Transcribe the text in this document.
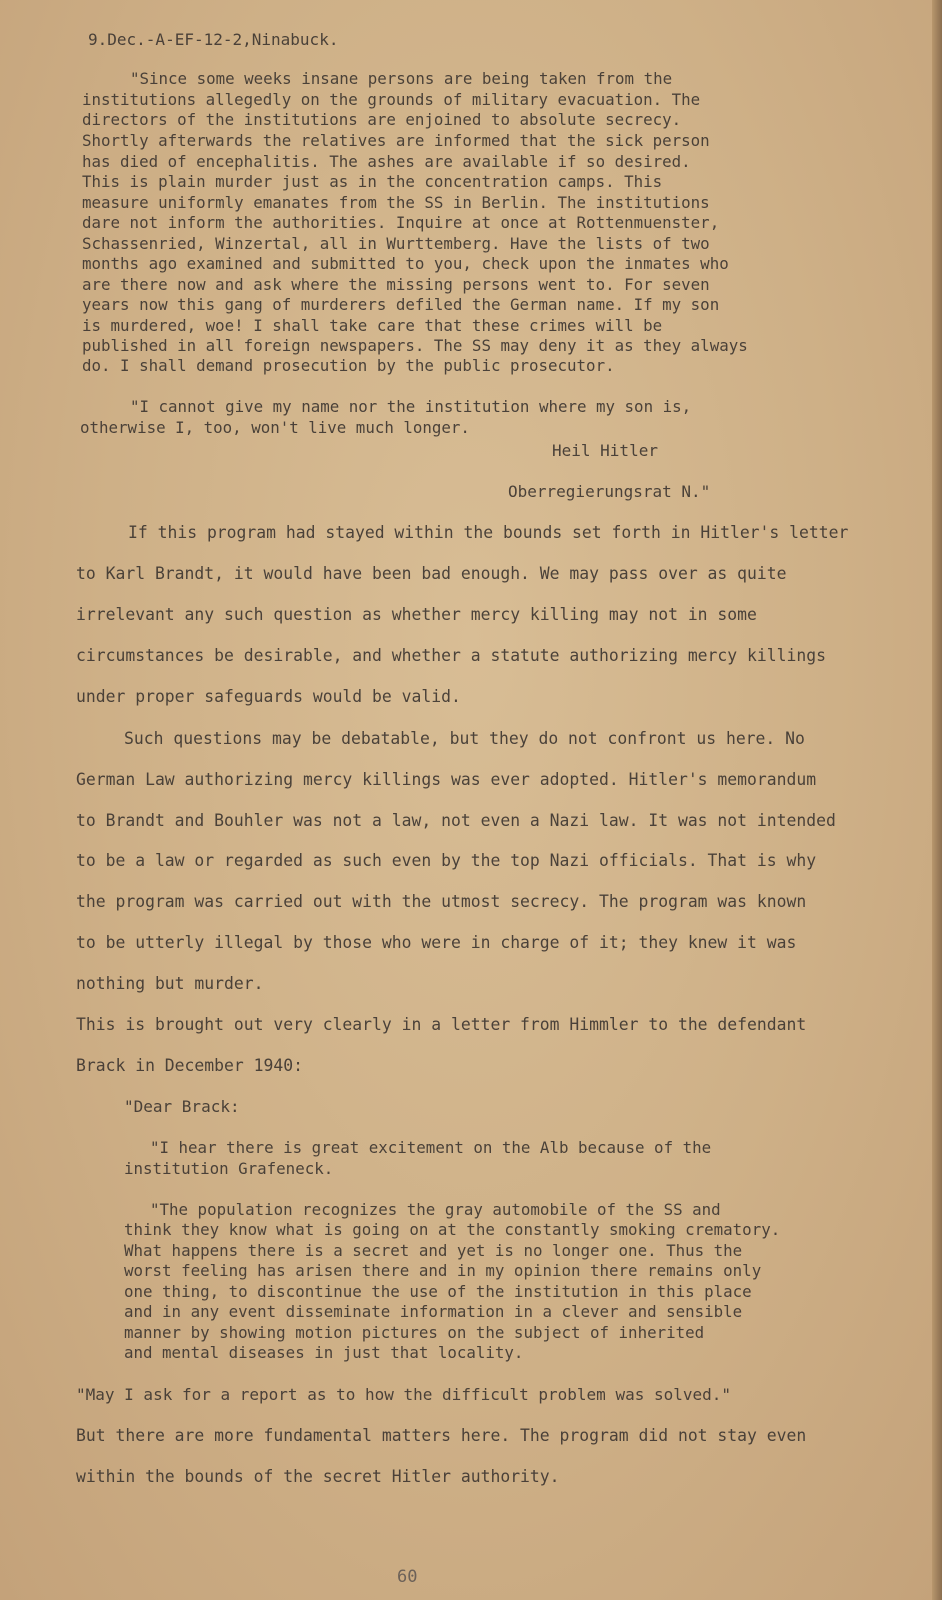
9.Dec.-A-EF-12-2,Ninabuck.
"Since some weeks insane persons are being taken from the
institutions allegedly on the grounds of military evacuation. The
directors of the institutions are enjoined to absolute secrecy.
Shortly afterwards the relatives are informed that the sick person
has died of encephalitis. The ashes are available if so desired.
This is plain murder just as in the concentration camps. This
measure uniformly emanates from the SS in Berlin. The institutions
dare not inform the authorities. Inquire at once at Rottenmuenster,
Schassenried, Winzertal, all in Wurttemberg. Have the lists of two
months ago examined and submitted to you, check upon the inmates who
are there now and ask where the missing persons went to. For seven
years now this gang of murderers defiled the German name. If my son
is murdered, woe! I shall take care that these crimes will be
published in all foreign newspapers. The SS may deny it as they always
do. I shall demand prosecution by the public prosecutor.
"I cannot give my name nor the institution where my son is,
otherwise I, too, won't live much longer.
Heil Hitler
Oberregierungsrat N."
If this program had stayed within the bounds set forth in Hitler's letter
to Karl Brandt, it would have been bad enough. We may pass over as quite
irrelevant any such question as whether mercy killing may not in some
circumstances be desirable, and whether a statute authorizing mercy killings
under proper safeguards would be valid.
Such questions may be debatable, but they do not confront us here. No
German Law authorizing mercy killings was ever adopted. Hitler's memorandum
to Brandt and Bouhler was not a law, not even a Nazi law. It was not intended
to be a law or regarded as such even by the top Nazi officials. That is why
the program was carried out with the utmost secrecy. The program was known
to be utterly illegal by those who were in charge of it; they knew it was
nothing but murder.
This is brought out very clearly in a letter from Himmler to the defendant
Brack in December 1940:
"Dear Brack:
"I hear there is great excitement on the Alb because of the
institution Grafeneck.
"The population recognizes the gray automobile of the SS and
think they know what is going on at the constantly smoking crematory.
What happens there is a secret and yet is no longer one. Thus the
worst feeling has arisen there and in my opinion there remains only
one thing, to discontinue the use of the institution in this place
and in any event disseminate information in a clever and sensible
manner by showing motion pictures on the subject of inherited
and mental diseases in just that locality.
"May I ask for a report as to how the difficult problem was solved."
But there are more fundamental matters here. The program did not stay even
within the bounds of the secret Hitler authority.
60
